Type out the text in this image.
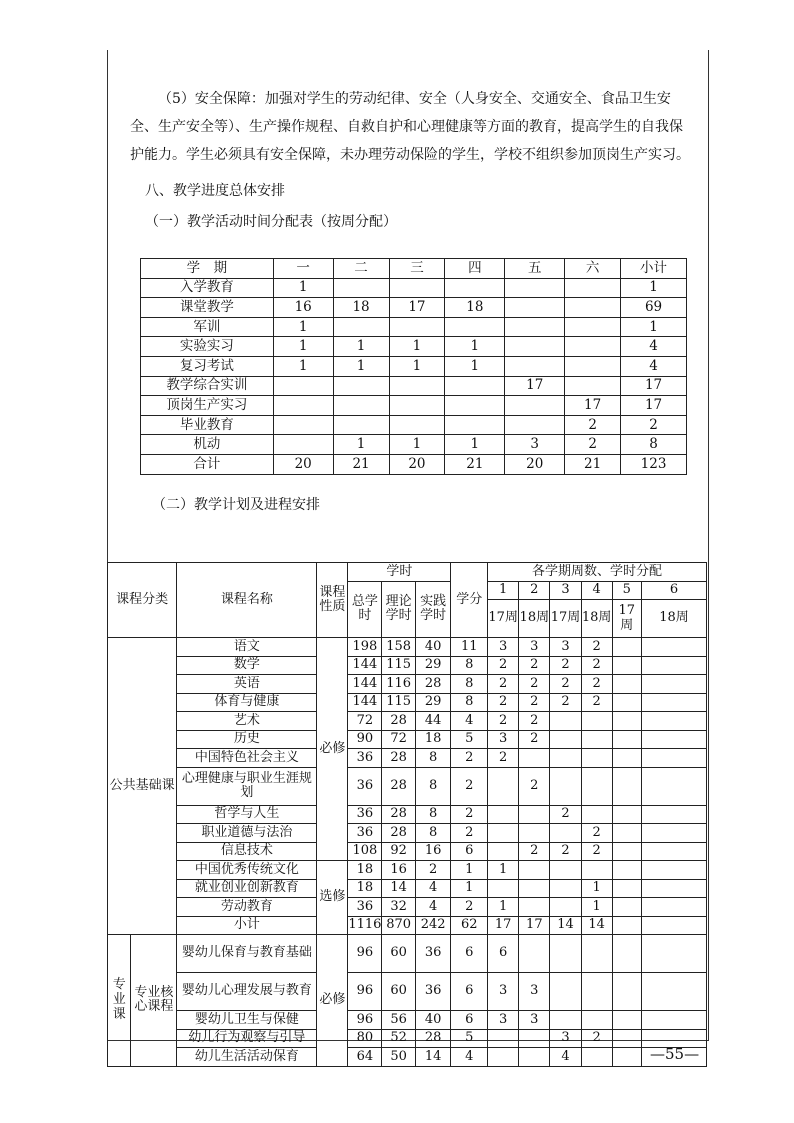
（5）安全保障：加强对学生的劳动纪律、安全（人身安全、交通安全、食品卫生安全、生产安全等）、生产操作规程、自救自护和心理健康等方面的教育，提高学生的自我保护能力。学生必须具有安全保障，未办理劳动保险的学生，学校不组织参加顶岗生产实习。
八、教学进度总体安排
（一）教学活动时间分配表（按周分配）
学　期	一	二	三	四	五	六	小计
入学教育	1						1
课堂教学	16	18	17	18			69
军训	1						1
实验实习	1	1	1	1			4
复习考试	1	1	1	1			4
教学综合实训					17		17
顶岗生产实习						17	17
毕业教育						2	2
机动		1	1	1	3	2	8
合计	20	21	20	21	20	21	123
（二）教学计划及进程安排
课程分类		课程名称	课程性质	学时			学分	各学期周数、学时分配					
				总学时	理论学时	实践学时		1	2	3	4	5	6
								17周	18周	17周	18周	17周	18周
公共基础课		语文	必修	198	158	40	11	3	3	3	2		
		数学		144	115	29	8	2	2	2	2		
		英语		144	116	28	8	2	2	2	2		
		体育与健康		144	115	29	8	2	2	2	2		
		艺术		72	28	44	4	2	2				
		历史		90	72	18	5	3	2				
		中国特色社会主义		36	28	8	2	2					
		心理健康与职业生涯规划		36	28	8	2		2				
		哲学与人生		36	28	8	2			2			
		职业道德与法治		36	28	8	2				2		
		信息技术		108	92	16	6		2	2	2		
		中国优秀传统文化	选修	18	16	2	1	1					
		就业创业创新教育		18	14	4	1				1		
		劳动教育		36	32	4	2	1			1		
		小计		1116	870	242	62	17	17	14	14		
专业课	专业核心课程	婴幼儿保育与教育基础	必修	96	60	36	6	6					
		婴幼儿心理发展与教育		96	60	36	6	3	3				
		婴幼儿卫生与保健		96	56	40	6	3	3				
		幼儿行为观察与引导		80	52	28	5			3	2		
		幼儿生活活动保育		64	50	14	4			4				—55—
